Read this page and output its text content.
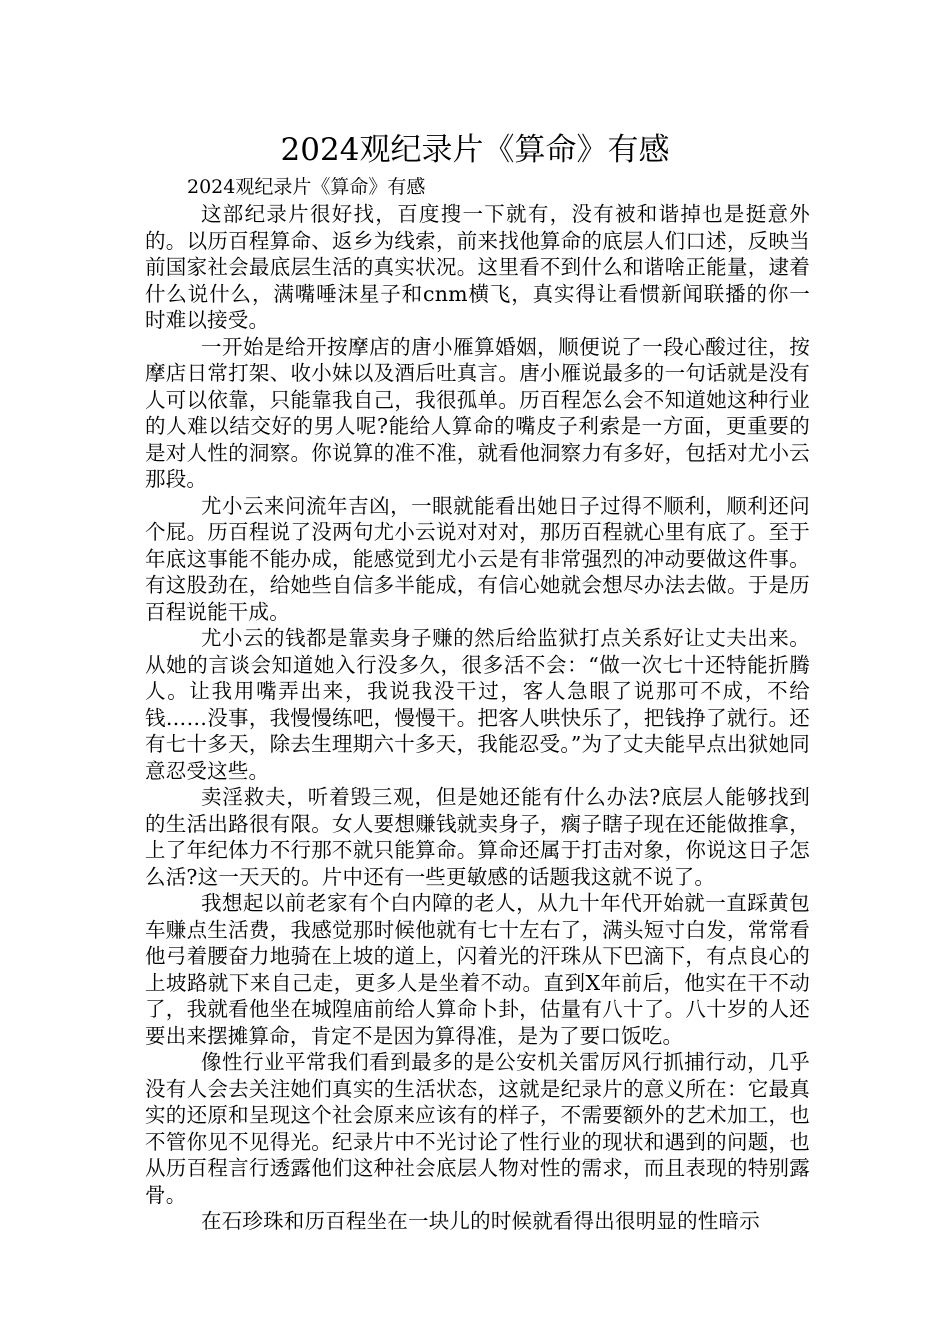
2024观纪录片《算命》有感

2024观纪录片《算命》有感

这部纪录片很好找，百度搜一下就有，没有被和谐掉也是挺意外的。以历百程算命、返乡为线索，前来找他算命的底层人们口述，反映当前国家社会最底层生活的真实状况。这里看不到什么和谐啥正能量，逮着什么说什么，满嘴唾沫星子和cnm横飞，真实得让看惯新闻联播的你一时难以接受。

一开始是给开按摩店的唐小雁算婚姻，顺便说了一段心酸过往，按摩店日常打架、收小妹以及酒后吐真言。唐小雁说最多的一句话就是没有人可以依靠，只能靠我自己，我很孤单。历百程怎么会不知道她这种行业的人难以结交好的男人呢?能给人算命的嘴皮子利索是一方面，更重要的是对人性的洞察。你说算的准不准，就看他洞察力有多好，包括对尤小云那段。

尤小云来问流年吉凶，一眼就能看出她日子过得不顺利，顺利还问个屁。历百程说了没两句尤小云说对对对，那历百程就心里有底了。至于年底这事能不能办成，能感觉到尤小云是有非常强烈的冲动要做这件事。有这股劲在，给她些自信多半能成，有信心她就会想尽办法去做。于是历百程说能干成。

尤小云的钱都是靠卖身子赚的然后给监狱打点关系好让丈夫出来。从她的言谈会知道她入行没多久，很多活不会：“做一次七十还特能折腾人。让我用嘴弄出来，我说我没干过，客人急眼了说那可不成，不给钱……没事，我慢慢练吧，慢慢干。把客人哄快乐了，把钱挣了就行。还有七十多天，除去生理期六十多天，我能忍受。”为了丈夫能早点出狱她同意忍受这些。

卖淫救夫，听着毁三观，但是她还能有什么办法?底层人能够找到的生活出路很有限。女人要想赚钱就卖身子，瘸子瞎子现在还能做推拿，上了年纪体力不行那不就只能算命。算命还属于打击对象，你说这日子怎么活?这一天天的。片中还有一些更敏感的话题我这就不说了。

我想起以前老家有个白内障的老人，从九十年代开始就一直踩黄包车赚点生活费，我感觉那时候他就有七十左右了，满头短寸白发，常常看他弓着腰奋力地骑在上坡的道上，闪着光的汗珠从下巴滴下，有点良心的上坡路就下来自己走，更多人是坐着不动。直到X年前后，他实在干不动了，我就看他坐在城隍庙前给人算命卜卦，估量有八十了。八十岁的人还要出来摆摊算命，肯定不是因为算得准，是为了要口饭吃。

像性行业平常我们看到最多的是公安机关雷厉风行抓捕行动，几乎没有人会去关注她们真实的生活状态，这就是纪录片的意义所在：它最真实的还原和呈现这个社会原来应该有的样子，不需要额外的艺术加工，也不管你见不见得光。纪录片中不光讨论了性行业的现状和遇到的问题，也从历百程言行透露他们这种社会底层人物对性的需求，而且表现的特别露骨。

在石珍珠和历百程坐在一块儿的时候就看得出很明显的性暗示
